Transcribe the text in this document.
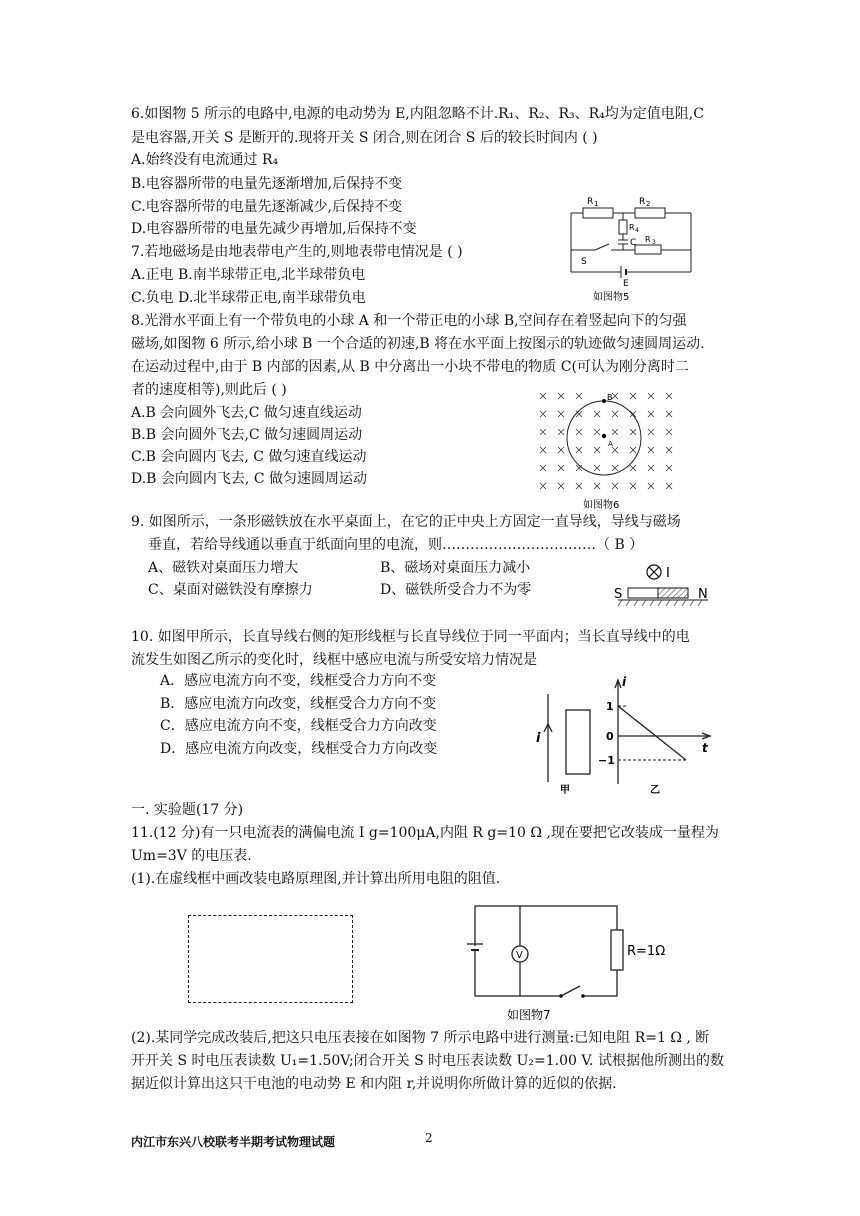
6.如图物 5 所示的电路中,电源的电动势为 E,内阻忽略不计.R₁、R₂、R₃、R₄均为定值电阻,C
是电容器,开关 S 是断开的.现将开关 S 闭合,则在闭合 S 后的较长时间内 ( )
A.始终没有电流通过 R₄
B.电容器所带的电量先逐渐增加,后保持不变
C.电容器所带的电量先逐渐减少,后保持不变
D.电容器所带的电量先减少再增加,后保持不变
R 1	R 2
R 4
C R 3
S
E
如图物5
7.若地磁场是由地表带电产生的,则地表带电情况是 ( )
A.正电 B.南半球带正电,北半球带负电
C.负电 D.北半球带正电,南半球带负电
8.光滑水平面上有一个带负电的小球 A 和一个带正电的小球 B,空间存在着竖起向下的匀强
磁场,如图物 6 所示,给小球 B 一个合适的初速,B 将在水平面上按图示的轨迹做匀速圆周运动.
在运动过程中,由于 B 内部的因素,从 B 中分离出一小块不带电的物质 C(可认为刚分离时二
者的速度相等),则此后 ( )
A.B 会向圆外飞去,C 做匀速直线运动
B.B 会向圆外飞去,C 做匀速圆周运动
C.B 会向圆内飞去, C 做匀速直线运动
D.B 会向圆内飞去, C 做匀速圆周运动
B
A
如图物6
9. 如图所示，一条形磁铁放在水平桌面上，在它的正中央上方固定一直导线，导线与磁场
垂直，若给导线通以垂直于纸面向里的电流，则……………………………（ B ）
A、磁铁对桌面压力增大	B、磁场对桌面压力减小
C、桌面对磁铁没有摩擦力	D、磁铁所受合力不为零
I
S	N
10. 如图甲所示，长直导线右侧的矩形线框与长直导线位于同一平面内；当长直导线中的电
流发生如图乙所示的变化时，线框中感应电流与所受安培力情况是
A．感应电流方向不变，线框受合力方向不变
B．感应电流方向改变，线框受合力方向不变
C．感应电流方向不变，线框受合力方向改变
D．感应电流方向改变，线框受合力方向改变
i
i
t
1
0
−1
甲	乙
一. 实验题(17 分)
11.(12 分)有一只电流表的满偏电流 I g=100μA,内阻 R g=10 Ω ,现在要把它改装成一量程为
Um=3V 的电压表.
(1).在虚线框中画改装电路原理图,并计算出所用电阻的阻值.
V	R=1Ω
如图物7
(2).某同学完成改装后,把这只电压表接在如图物 7 所示电路中进行测量:已知电阻 R=1 Ω , 断
开开关 S 时电压表读数 U₁=1.50V;闭合开关 S 时电压表读数 U₂=1.00 V. 试根据他所测出的数
据近似计算出这只干电池的电动势 E 和内阻 r,并说明你所做计算的近似的依据.
内江市东兴八校联考半期考试物理试题	2
